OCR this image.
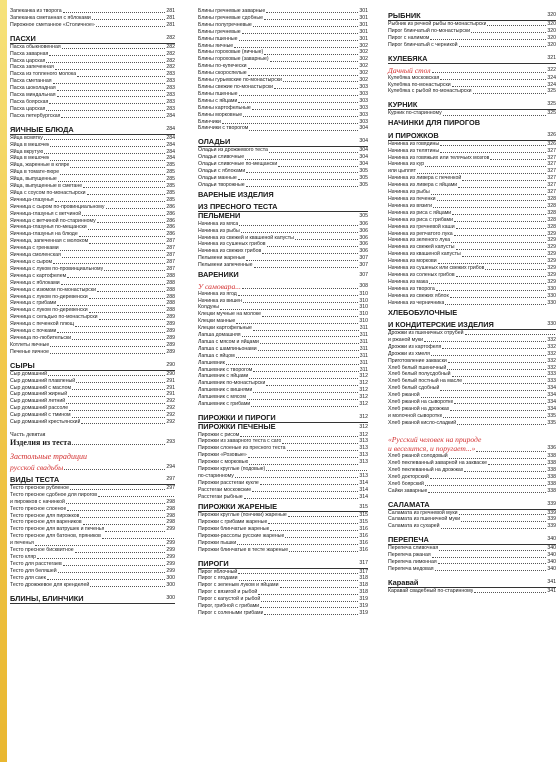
Запеканка из творога	281
Запеканка сметанная с яблоками	281
Пирожное сметанное «Столичное»	281
ПАСХИ	282
Пасха обыкновенная	282
Пасха заварная	282
Пасха царская	282
Пасха запеченная	282
Пасха из топленого молока	283
Пасха сметанная	283
Пасха шоколадная	283
Пасха миндальная	283
Пасха боярская	283
Пасха царская	283
Пасха петербургская	284
ЯИЧНЫЕ БЛЮДА	284
Яйца всмятку	284
Яйца в мешочек	284
Яйца вкрутую	284
Яйца в мешочек	284
Яйца, жаренные в кляре	285
Яйца в томате-пюре	285
Яйца, выпущенные	285
Яйца, выпущенные в сметане	285
Яйца с соусом по-монастырски	285
Яичница-глазунья	285
Яичница с сыром по-провинциальному	286
Яичница-глазунья с ветчиной	286
Яичница с ветчиной по-старинному	286
Яичница-глазунья по-мещански	286
Яичница-глазунья на блюде	286
Яичница, запеченная с молоком	287
Яичница с гренками	287
Яичница смоленская	287
Яичница с сыром	287
Яичница с луком по-провинциальному	287
Яичница с картофелем	288
Яичница с яблоками	288
Яичница с изюмом по-монастырски	288
Яичница с луком по-деревенски	288
Яичница с грибами	288
Яичница с луком по-деревенски	288
Яичница с сельдью по-монастырски	289
Яичница с печенкой плющ	289
Яичница с почками	289
Яичница по-любительски	289
Котлеты яичные	289
Печенье яичное	289
СЫРЫ	290
Сыр домашний	290
Сыр домашний плавленый	291
Сыр домашний с маслом	291
Сыр домашний жирный	291
Сыр домашний летний	292
Сыр домашний рассоле	292
Сыр домашний с тмином	292
Сыр домашний крестьянский	292
Часть девятая
Изделия из теста	293
Застольные традиции
русской свадьбы	294
ВИДЫ ТЕСТА	297
Тесто пресное рубленое	297
Тесто пресное сдобное для пирогов
и пирожков с начинкой	298
Тесто пресное слоеное	298
Тесто пресное для пирожков	298
Тесто пресное для вареников	298
Тесто пресное для ватрушек и печенья	299
Тесто пресное для батонов, пряников
и печенья	299
Тесто пресное бисквитное	299
Тесто кляр	299
Тесто для расстегаев	299
Тесто для беляшей	299
Тесто для саек	300
Тесто дрожжевое для кренделей	300
БЛИНЫ, БЛИНЧИКИ	300
Блины гречневые заварные	301
Блины гречневые сдобные	301
Блины полугречневые	301
Блины гречневые	301
Блины пшенные	301
Блины яичные	302
Блины гороховые (яичные)	302
Блины гороховые (заварные)	302
Блины по-купечески	302
Блины скороспелые	302
Блины гурьевские по-монастырски	302
Блины свежие по-монастырски	303
Блины пшенные	303
Блины с яйцами	303
Блины картофельные	303
Блины морковные	303
Блинчики	303
Блинчики с творогом	304
ОЛАДЬИ	304
Оладьи из дрожжевого теста	304
Оладьи сливочные	304
Оладьи сливочные по-мещански	304
Оладьи с яблоками	305
Оладьи манные	305
Оладьи творожные	305
ВАРЕНЫЕ ИЗДЕЛИЯ
ИЗ ПРЕСНОГО ТЕСТА
ПЕЛЬМЕНИ	305
Начинка из мяса	306
Начинка из рыбы	306
Начинка из свежей и квашеной капусты	306
Начинка из сушеных грибов	306
Начинка из свежих грибов	306
Пельмени жареные	307
Пельмени запеченные	307
ВАРЕНИКИ	307
У самовара...	308
Начинка из ягод	310
Начинка из вишен	310
Колдуны	310
Клецки мучные на молоке	310
Клецки манные	310
Клецки картофельные	311
Лапша домашняя	311
Лапша с мясом и яйцами	311
Лапша с шампиньонами	311
Лапша с яйцом	311
Лапшевник	311
Лапшевник с творогом	311
Лапшевник с яйцами	312
Лапшевник по-монастырски	312
Лапшевник с вишнями	312
Лапшевник с мясом	312
Лапшевник с грибами	312
ПИРОЖКИ И ПИРОГИ	312
ПИРОЖКИ ПЕЧЕНЫЕ	312
Пирожки с рисом	312
Пирожки из заварного теста с саго	313
Пирожки слоеные из пресного теста	313
Пирожки «Розовые»	313
Пирожки с морковью	313
Пирожки круглые (подовые)
по-старинному	313
Пирожки расстегаи кукле	314
Расстегаи московские	314
Расстегаи рыбные	314
ПИРОЖКИ ЖАРЕНЫЕ	315
Пирожки круглые (пончики) жареные	315
Пирожки с грибами жареные	315
Пирожки блинчатые жареные	316
Пирожки-рассолы русские жареные	316
Пирожки пышки	316
Пирожки блинчатые в тесте жареные	316
ПИРОГИ	317
Пирог яблочный	317
Пирог с ягодами	318
Пирог с зеленым луком и яйцами	318
Пирог с вязигой и рыбой	318
Пирог с капустой и рыбой	319
Пирог, грибной с грибами	319
Пирог с солеными грибами	319
РЫБНИК	320
Рыбник из речной рыбы по-монастырски	320
Пирог блинчатый по-монастырски	320
Пирог с налимом	320
Пирог блинчатый с черникой	320
КУЛЕБЯКА	321
Дачный стол	322
Кулебяка московская	324
Кулебяка по-монастырски	324
Кулебяка с рыбой по-монастырски	325
КУРНИК	325
Курник по-старинному	325
НАЧИНКИ ДЛЯ ПИРОГОВ
И ПИРОЖКОВ	326
Начинка из говядины	326
Начинка из телятины	327
Начинка из говяжьих или телячьих мозгов	327
Начинка из кур	327
или цыплят	327
Начинка из ливера с печенкой	327
Начинка из ливера с яйцами	327
Начинка из рыбы	327
Начинка из печенки	328
Начинка из вязиги	328
Начинка из риса с яйцами	328
Начинка из риса с грибами	328
Начинка из гречневой каши	328
Начинка из репчатого лука	329
Начинка из зеленого лука	329
Начинка из свежей капусты	329
Начинка из квашеной капусты	329
Начинка из моркови	329
Начинка из сушеных или свежих грибов	329
Начинка из соленых грибов	329
Начинка из мака	329
Начинка из творога	330
Начинка из свежих яблок	330
Начинка из черничника	330
ХЛЕБОБУЛОЧНЫЕ
И КОНДИТЕРСКИЕ ИЗДЕЛИЯ	330
Дрожжи из пшеничных отрубей
и ржаной муки	332
Дрожжи из картофеля	332
Дрожжи из хмеля	332
Приготовление закваски	332
Хлеб белый пшеничный	332
Хлеб белый полусдобный	333
Хлеб белый постный на масле	333
Хлеб белый сдобный	334
Хлеб ржаной	334
Хлеб ржаной на сыворотке	334
Хлеб ржаной на дрожжах	334
и молочной сыворотке	335
Хлеб ржаной кисло-сладкий	335
«Русский человек на природе
и веселится, и поругает...»	336
Хлеб ржаной солодовый	338
Хлеб пеклеванный заварной на закваске	338
Хлеб пеклеванный на дрожжах	338
Хлеб докторский	338
Хлеб боярский	338
Сайки заварные	338
САЛАМАТА	339
Саламата из гречневой муки	339
Саламата из пшеничной муки	339
Саламата из сухарей	339
ПЕРЕПЕЧА	340
Перепеча сливочная	340
Перепеча ржаная	340
Перепеча лимонная	340
Перепеча медовая	340
Каравай	341
Каравай свадебный по-старинному	341
